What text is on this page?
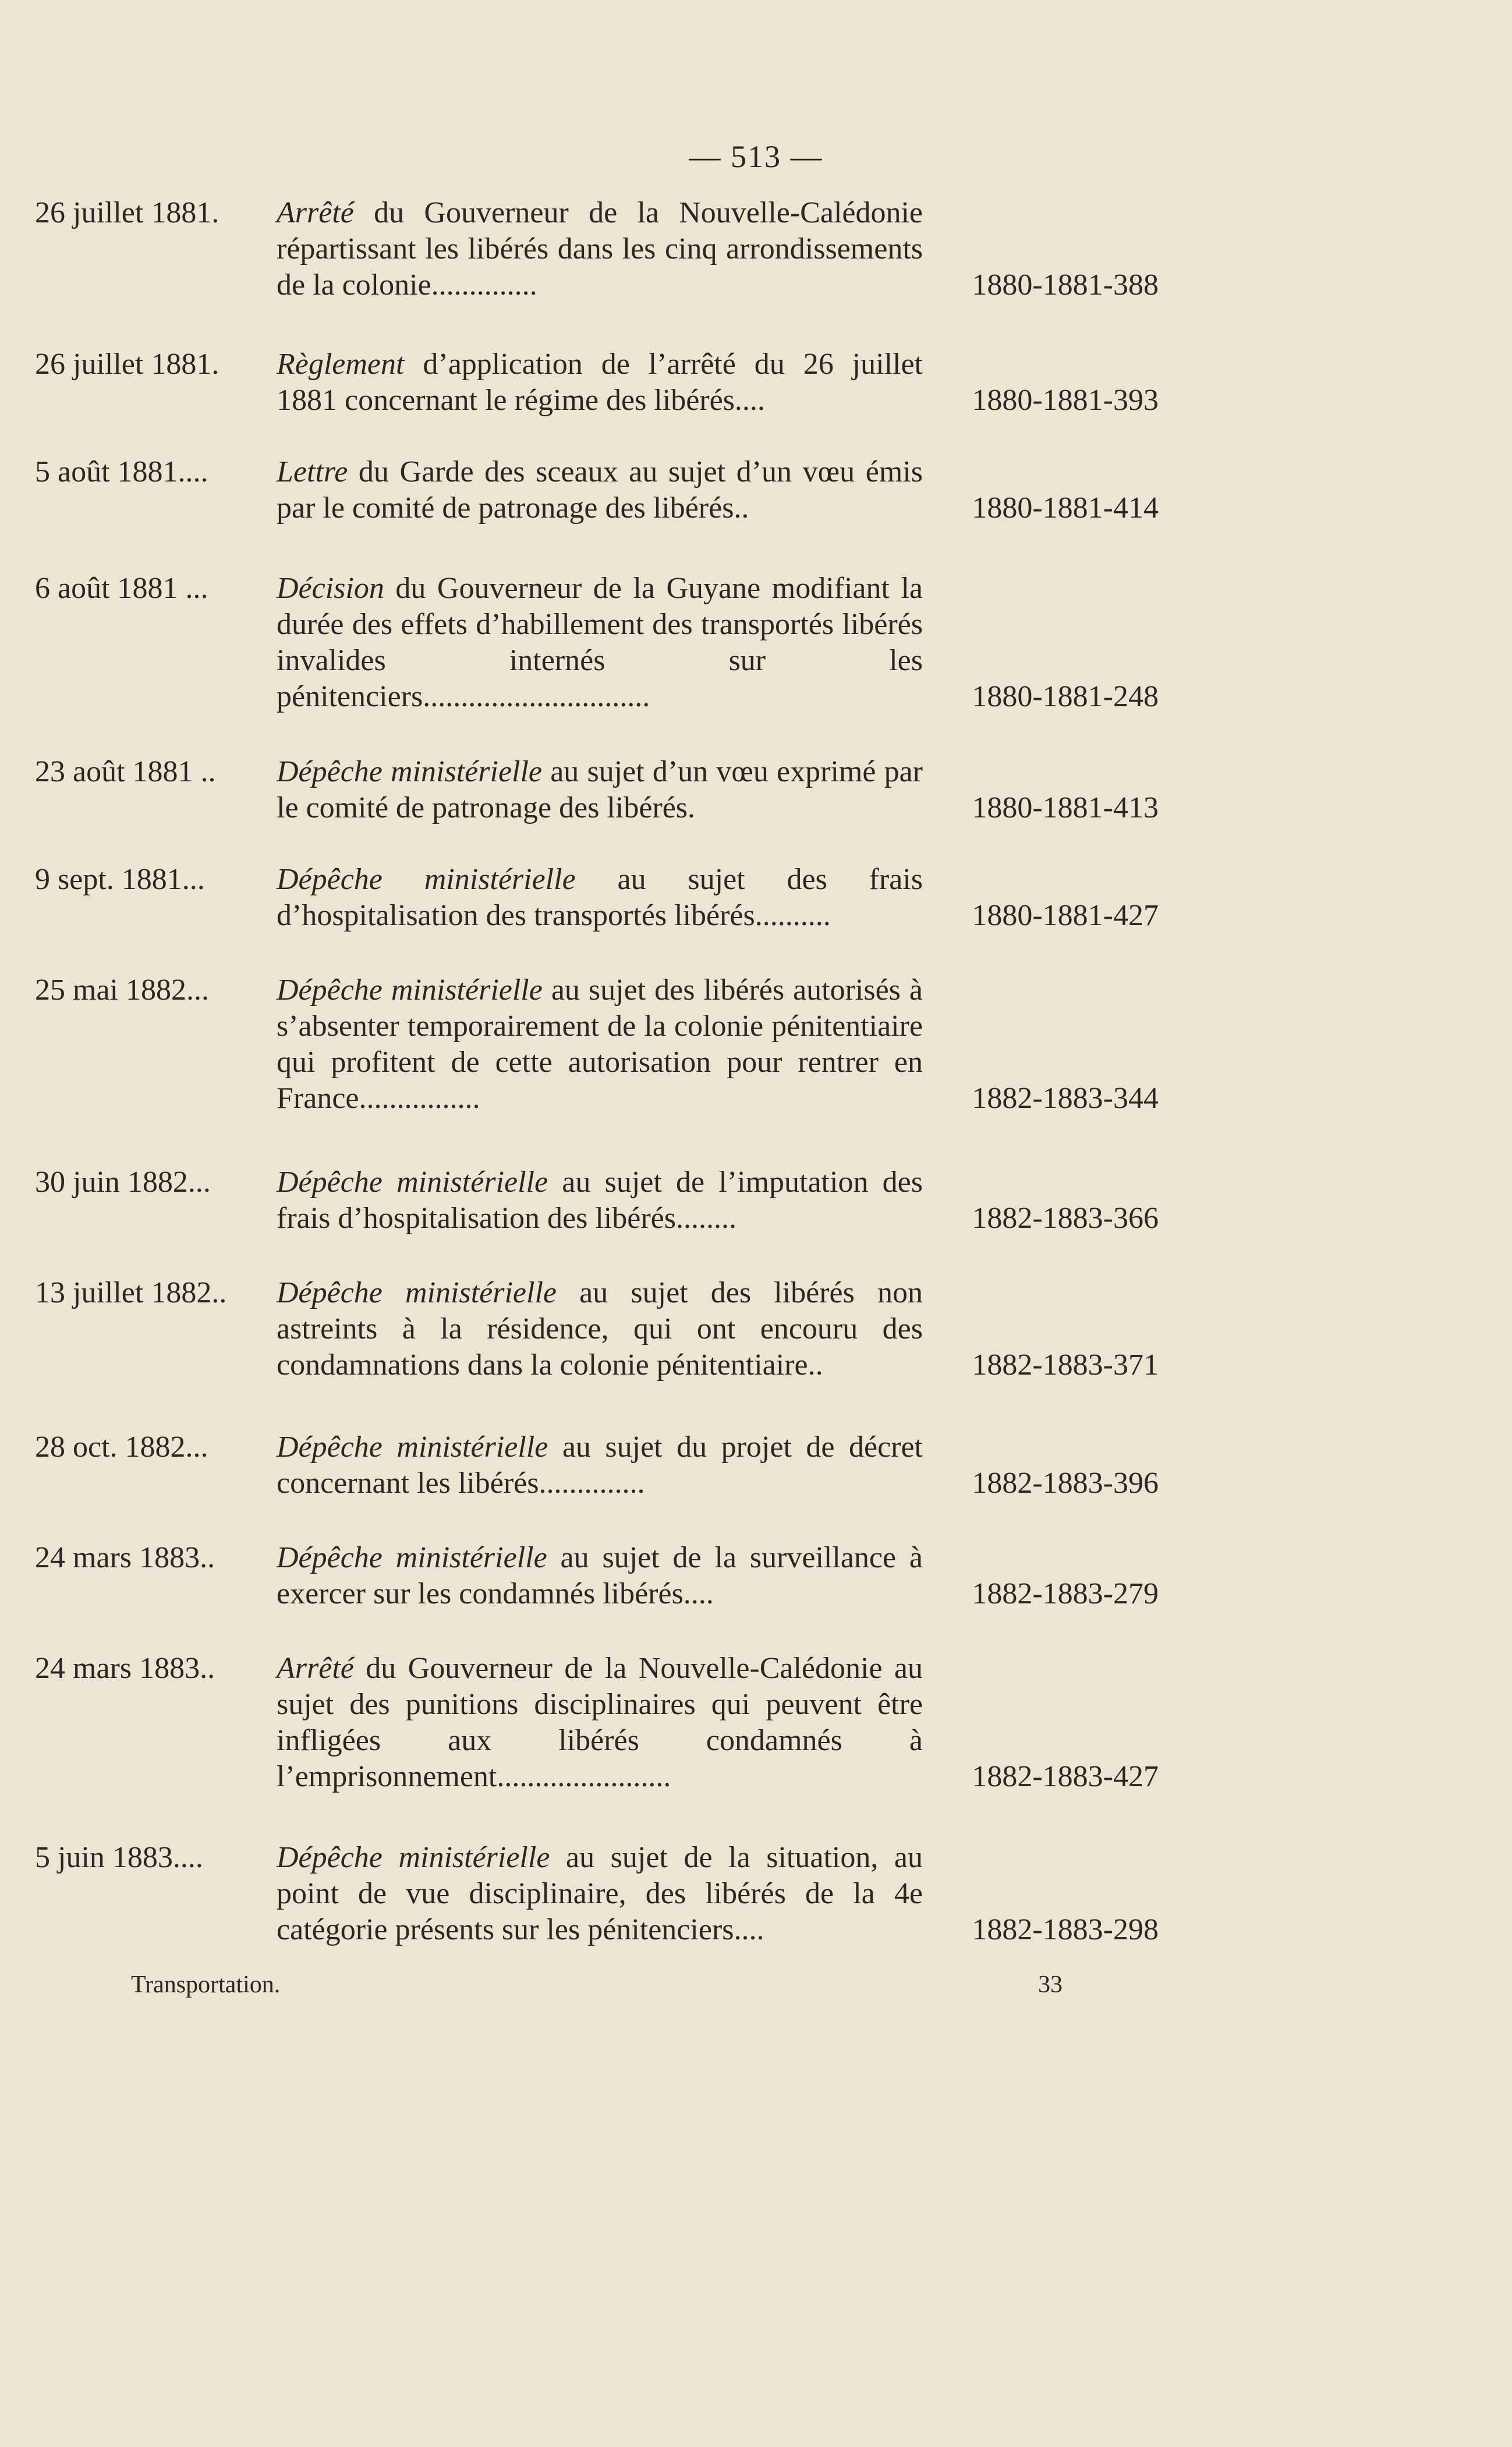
— 513 —
26 juillet 1881.	Arrêté du Gouverneur de la Nouvelle-Calédonie répartissant les libérés dans les cinq arrondissements de la colonie..............	1880-1881-388
26 juillet 1881.	Règlement d’application de l’arrêté du 26 juillet 1881 concernant le régime des libérés....	1880-1881-393
5 août 1881....	Lettre du Garde des sceaux au sujet d’un vœu émis par le comité de patronage des libérés..	1880-1881-414
6 août 1881 ...	Décision du Gouverneur de la Guyane modifiant la durée des effets d’habillement des transportés libérés invalides internés sur les pénitenciers..............................	1880-1881-248
23 août 1881 ..	Dépêche ministérielle au sujet d’un vœu exprimé par le comité de patronage des libérés.	1880-1881-413
9 sept. 1881...	Dépêche ministérielle au sujet des frais d’hospitalisation des transportés libérés..........	1880-1881-427
25 mai 1882...	Dépêche ministérielle au sujet des libérés autorisés à s’absenter temporairement de la colonie pénitentiaire qui profitent de cette autorisation pour rentrer en France................	1882-1883-344
30 juin 1882...	Dépêche ministérielle au sujet de l’imputation des frais d’hospitalisation des libérés........	1882-1883-366
13 juillet 1882..	Dépêche ministérielle au sujet des libérés non astreints à la résidence, qui ont encouru des condamnations dans la colonie pénitentiaire..	1882-1883-371
28 oct. 1882...	Dépêche ministérielle au sujet du projet de décret concernant les libérés..............	1882-1883-396
24 mars 1883..	Dépêche ministérielle au sujet de la surveillance à exercer sur les condamnés libérés....	1882-1883-279
24 mars 1883..	Arrêté du Gouverneur de la Nouvelle-Calédonie au sujet des punitions disciplinaires qui peuvent être infligées aux libérés condamnés à l’emprisonnement.......................	1882-1883-427
5 juin 1883....	Dépêche ministérielle au sujet de la situation, au point de vue disciplinaire, des libérés de la 4e catégorie présents sur les pénitenciers....	1882-1883-298
Transportation.	33
